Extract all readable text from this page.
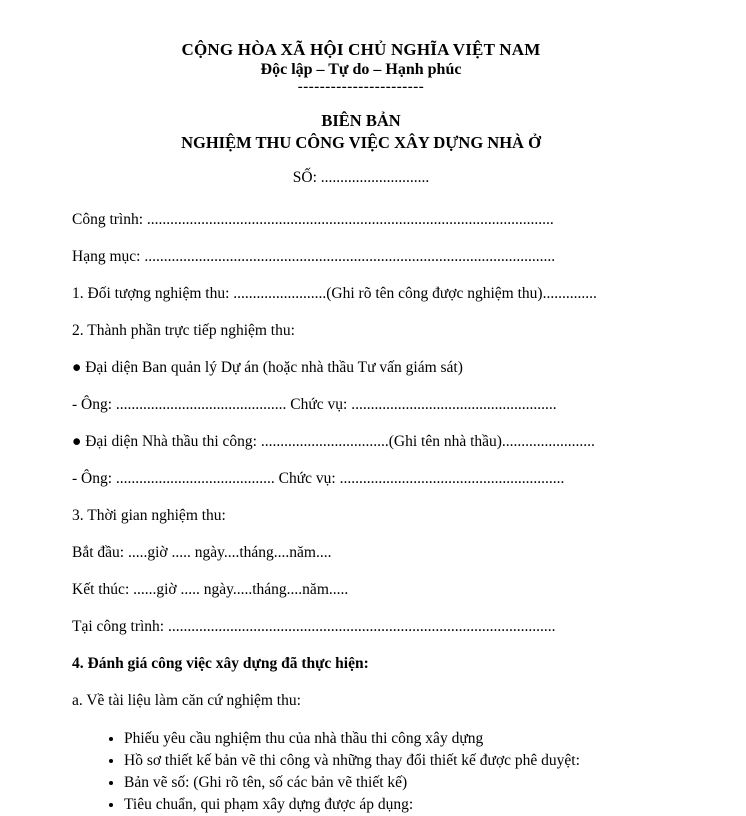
CỘNG HÒA XÃ HỘI CHỦ NGHĨA VIỆT NAM
Độc lập – Tự do – Hạnh phúc
-----------------------
BIÊN BẢN
NGHIỆM THU CÔNG VIỆC XÂY DỰNG NHÀ Ở
SỐ: ............................

Công trình: .........................................................................................................

Hạng mục: ..........................................................................................................

1. Đối tượng nghiệm thu: ........................(Ghi rõ tên công được nghiệm thu)..............

2. Thành phần trực tiếp nghiệm thu:

● Đại diện Ban quản lý Dự án (hoặc nhà thầu Tư vấn giám sát)

- Ông: ............................................ Chức vụ: .....................................................

● Đại diện Nhà thầu thi công: .................................(Ghi tên nhà thầu)........................

- Ông: ......................................... Chức vụ: ..........................................................

3. Thời gian nghiệm thu:

Bắt đầu: .....giờ ..... ngày....tháng....năm....

Kết thúc: ......giờ ..... ngày.....tháng....năm.....

Tại công trình: ....................................................................................................

4. Đánh giá công việc xây dựng đã thực hiện:

a. Về tài liệu làm căn cứ nghiệm thu:

• Phiếu yêu cầu nghiệm thu của nhà thầu thi công xây dựng
• Hồ sơ thiết kế bản vẽ thi công và những thay đổi thiết kế được phê duyệt:
• Bản vẽ số: (Ghi rõ tên, số các bản vẽ thiết kế)
• Tiêu chuẩn, qui phạm xây dựng được áp dụng:
